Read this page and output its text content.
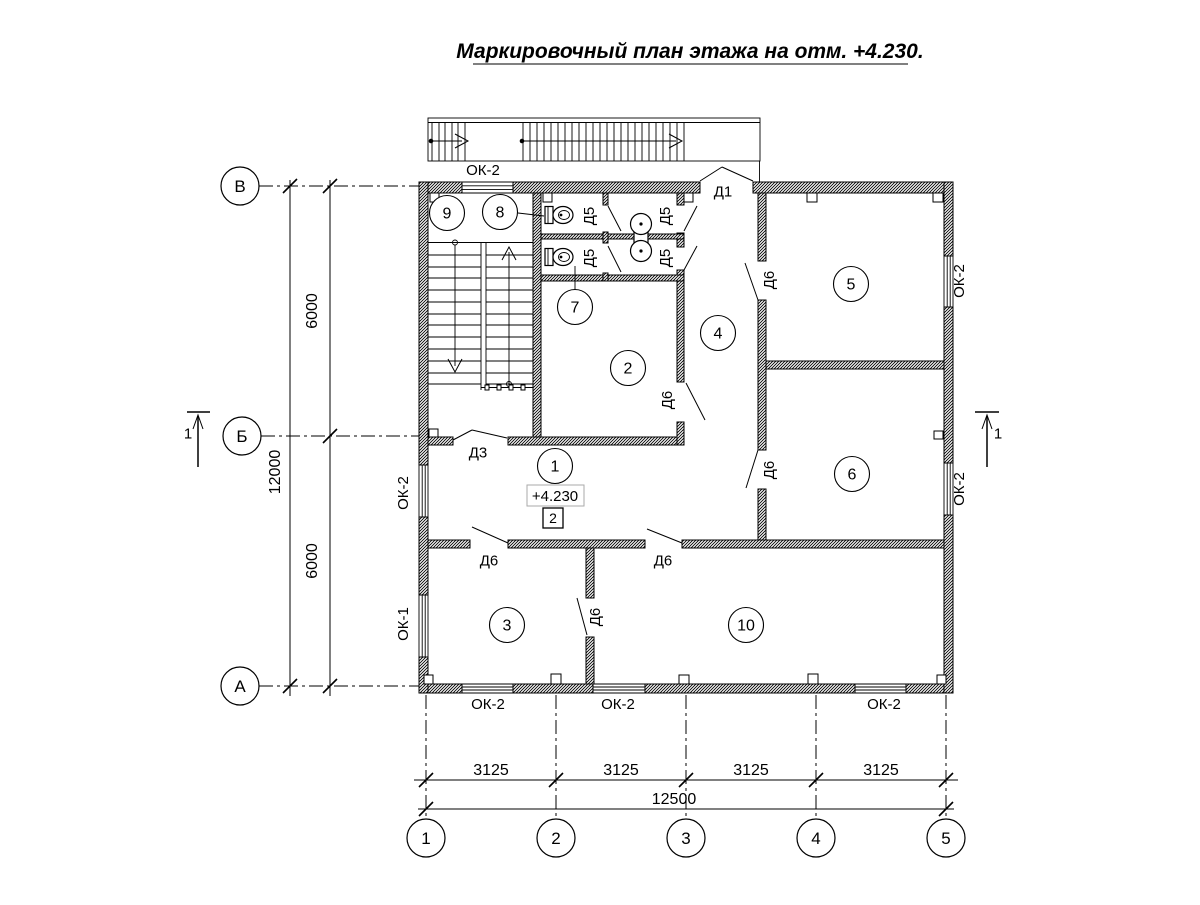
Маркировочный план этажа на отм. +4.230.
6000
6000
12000
3125	3125	3125	3125
12500
В
Б
А
1	2	3	4	5
1	1
ОК-2
ОК-2
ОК-1
ОК-2
ОК-2
ОК-2	ОК-2	ОК-2
Д1
Д3
Д5
Д5
Д5
Д5
Д6
Д6
Д6
Д6	Д6
Д6
1
2
3
4
5
6
7
8
9
10
+4.230
2
